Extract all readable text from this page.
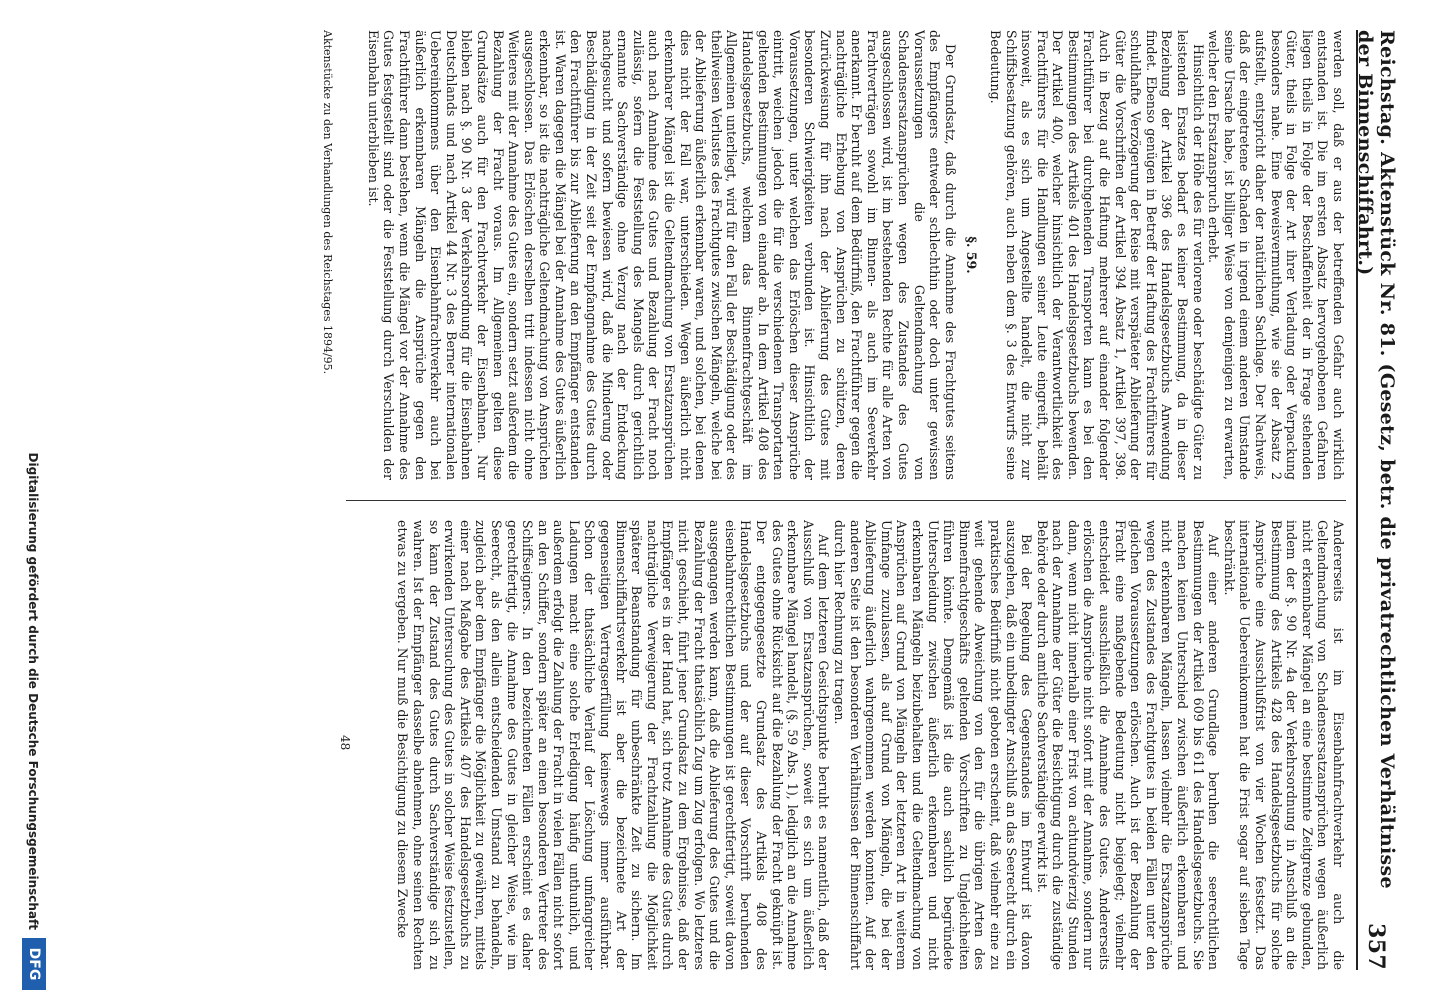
Reichstag. Aktenstück Nr. 81. (Gesetz, betr. die privatrechtlichen Verhältnisse der Binnenschiffahrt.)
357

werden soll, daß er aus der betreffenden Gefahr auch wirklich entstanden ist. Die im ersten Absatz hervorgehobenen Gefahren liegen theils in Folge der Beschaffenheit der in Frage stehenden Güter, theils in Folge der Art ihrer Verladung oder Verpackung besonders nahe. Eine Beweisvermuthung, wie sie der Absatz 2 aufstellt, entspricht daher der natürlichen Sachlage. Der Nachweis, daß der eingetretene Schaden in irgend einem anderen Umstande seine Ursache habe, ist billiger Weise von demjenigen zu erwarten, welcher den Ersatzanspruch erhebt.

Hinsichtlich der Höhe des für verlorene oder beschädigte Güter zu leistenden Ersatzes bedarf es keiner Bestimmung, da in dieser Beziehung der Artikel 396 des Handelsgesetzbuchs Anwendung findet. Ebenso genügen in Betreff der Haftung des Frachtführers für schuldhafte Verzögerung der Reise mit verspäteter Ablieferung der Güter die Vorschriften der Artikel 394 Absatz 1, Artikel 397, 398. Auch in Bezug auf die Haftung mehrerer auf einander folgender Frachtführer bei durchgehenden Transporten kann es bei den Bestimmungen des Artikels 401 des Handelsgesetzbuchs bewenden. Der Artikel 400, welcher hinsichtlich der Verantwortlichkeit des Frachtführers für die Handlungen seiner Leute eingreift, behält insoweit, als es sich um Angestellte handelt, die nicht zur Schiffsbesatzung gehören, auch neben dem §. 3 des Entwurfs seine Bedeutung.

§. 59.

Der Grundsatz, daß durch die Annahme des Frachtgutes seitens des Empfängers entweder schlechthin oder doch unter gewissen Voraussetzungen die Geltendmachung von Schadensersatzansprüchen wegen des Zustandes des Gutes ausgeschlossen wird, ist im bestehenden Rechte für alle Arten von Frachtverträgen sowohl im Binnen- als auch im Seeverkehr anerkannt. Er beruht auf dem Bedürfniß, den Frachtführer gegen die nachträgliche Erhebung von Ansprüchen zu schützen, deren Zurückweisung für ihn nach der Ablieferung des Gutes mit besonderen Schwierigkeiten verbunden ist. Hinsichtlich der Voraussetzungen, unter welchen das Erlöschen dieser Ansprüche eintritt, weichen jedoch die für die verschiedenen Transportarten geltenden Bestimmungen von einander ab. In dem Artikel 408 des Handelsgesetzbuchs, welchem das Binnenfrachtgeschäft im Allgemeinen unterliegt, wird für den Fall der Beschädigung oder des theilweisen Verlustes des Frachtgutes zwischen Mängeln, welche bei der Ablieferung äußerlich erkennbar waren, und solchen, bei denen dies nicht der Fall war, unterschieden. Wegen äußerlich nicht erkennbarer Mängel ist die Geltendmachung von Ersatzansprüchen auch nach Annahme des Gutes und Bezahlung der Fracht noch zulässig, sofern die Feststellung des Mangels durch gerichtlich ernannte Sachverständige ohne Verzug nach der Entdeckung nachgesucht und sofern bewiesen wird, daß die Minderung oder Beschädigung in der Zeit seit der Empfangnahme des Gutes durch den Frachtführer bis zur Ablieferung an den Empfänger entstanden ist. Waren dagegen die Mängel bei der Annahme des Gutes äußerlich erkennbar, so ist die nachträgliche Geltendmachung von Ansprüchen ausgeschlossen. Das Erlöschen derselben tritt indessen nicht ohne Weiteres mit der Annahme des Gutes ein, sondern setzt außerdem die Bezahlung der Fracht voraus. Im Allgemeinen gelten diese Grundsätze auch für den Frachtverkehr der Eisenbahnen. Nur bleiben nach §. 90 Nr. 3 der Verkehrsordnung für die Eisenbahnen Deutschlands und nach Artikel 44 Nr. 3 des Berner internationalen Uebereinkommens über den Eisenbahnfrachtverkehr auch bei äußerlich erkennbaren Mängeln die Ansprüche gegen den Frachtführer dann bestehen, wenn die Mängel vor der Annahme des Gutes festgestellt sind oder die Feststellung durch Verschulden der Eisenbahn unterblieben ist.

Andererseits ist im Eisenbahnfrachtverkehr auch die Geltendmachung von Schadensersatzansprüchen wegen äußerlich nicht erkennbarer Mängel an eine bestimmte Zeitgrenze gebunden, indem der §. 90 Nr. 4a der Verkehrsordnung in Anschluß an die Bestimmung des Artikels 428 des Handelsgesetzbuchs für solche Ansprüche eine Ausschlußfrist von vier Wochen festsetzt. Das internationale Uebereinkommen hat die Frist sogar auf sieben Tage beschränkt.

Auf einer anderen Grundlage beruhen die seerechtlichen Bestimmungen der Artikel 609 bis 611 des Handelsgesetzbuchs. Sie machen keinen Unterschied zwischen äußerlich erkennbaren und nicht erkennbaren Mängeln, lassen vielmehr die Ersatzansprüche wegen des Zustandes des Frachtgutes in beiden Fällen unter den gleichen Voraussetzungen erlöschen. Auch ist der Bezahlung der Fracht eine maßgebende Bedeutung nicht beigelegt; vielmehr entscheidet ausschließlich die Annahme des Gutes. Andererseits erlöschen die Ansprüche nicht sofort mit der Annahme, sondern nur dann, wenn nicht innerhalb einer Frist von achtundvierzig Stunden nach der Annahme der Güter die Besichtigung durch die zuständige Behörde oder durch amtliche Sachverständige erwirkt ist.

Bei der Regelung des Gegenstandes im Entwurf ist davon auszugehen, daß ein unbedingter Anschluß an das Seerecht durch ein praktisches Bedürfniß nicht geboten erscheint, daß vielmehr eine zu weit gehende Abweichung von den für die übrigen Arten des Binnenfrachtgeschäfts geltenden Vorschriften zu Ungleichheiten führen könnte. Demgemäß ist die auch sachlich begründete Unterscheidung zwischen äußerlich erkennbaren und nicht erkennbaren Mängeln beizubehalten und die Geltendmachung von Ansprüchen auf Grund von Mängeln der letzteren Art in weiterem Umfange zuzulassen, als auf Grund von Mängeln, die bei der Ablieferung äußerlich wahrgenommen werden konnten. Auf der anderen Seite ist den besonderen Verhältnissen der Binnenschiffahrt durch hier Rechnung zu tragen.

Auf dem letzteren Gesichtspunkte beruht es namentlich, daß der Ausschluß von Ersatzansprüchen, soweit es sich um äußerlich erkennbare Mängel handelt, (§. 59 Abs. 1), lediglich an die Annahme des Gutes ohne Rücksicht auf die Bezahlung der Fracht geknüpft ist. Der entgegengesetzte Grundsatz des Artikels 408 des Handelsgesetzbuchs und der auf dieser Vorschrift beruhenden eisenbahnrechtlichen Bestimmungen ist gerechtfertigt, soweit davon ausgegangen werden kann, daß die Ablieferung des Gutes und die Bezahlung der Fracht thatsächlich Zug um Zug erfolgen. Wo letzteres nicht geschieht, führt jener Grundsatz zu dem Ergebnisse, daß der Empfänger es in der Hand hat, sich trotz Annahme des Gutes durch nachträgliche Verweigerung der Frachtzahlung die Möglichkeit späterer Beanstandung für unbeschränkte Zeit zu sichern. Im Binnenschiffahrtsverkehr ist aber die bezeichnete Art der gegenseitigen Vertragserfüllung keineswegs immer ausführbar. Schon der thatsächliche Verlauf der Löschung umfangreicher Ladungen macht eine solche Erledigung häufig unthunlich, und außerdem erfolgt die Zahlung der Fracht in vielen Fällen nicht sofort an den Schiffer, sondern später an einen besonderen Vertreter des Schiffseigners. In den bezeichneten Fällen erscheint es daher gerechtfertigt, die Annahme des Gutes in gleicher Weise, wie im Seerecht, als den allein entscheidenden Umstand zu behandeln, zugleich aber dem Empfänger die Möglichkeit zu gewähren, mittels einer nach Maßgabe des Artikels 407 des Handelsgesetzbuchs zu erwirkenden Untersuchung des Gutes in solcher Weise festzustellen, so kann der Zustand des Gutes durch Sachverständige sich zu wahren. Ist der Empfänger dasselbe abnehmen, ohne seinen Rechten etwas zu vergeben. Nur muß die Besichtigung zu diesem Zwecke

Aktenstücke zu den Verhandlungen des Reichstages 1894/95.
48
Digitalisierung gefördert durch die Deutsche Forschungsgemeinschaft
DFG
